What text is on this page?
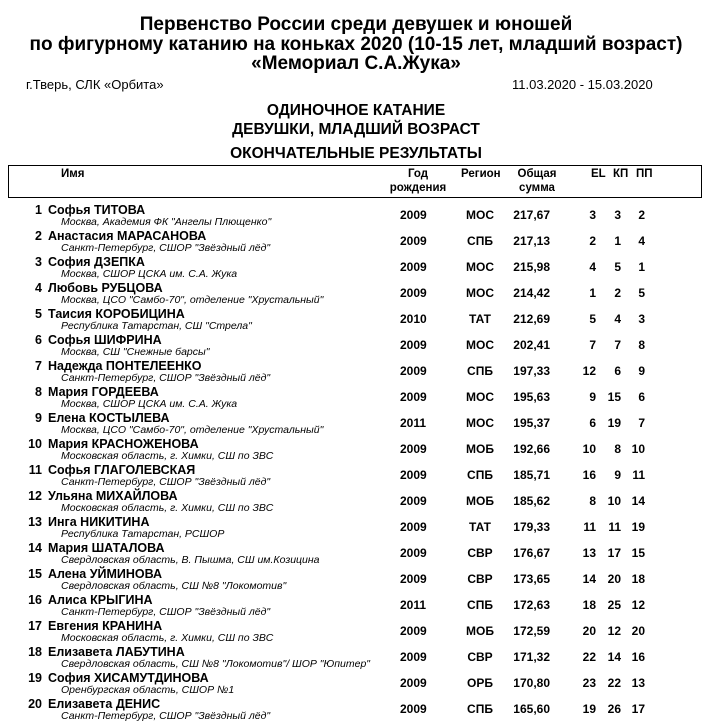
Первенство России среди девушек и юношей
по фигурному катанию на коньках 2020 (10-15 лет, младший возраст)
«Мемориал С.А.Жука»
г.Тверь, СЛК «Орбита»	11.03.2020 - 15.03.2020
ОДИНОЧНОЕ КАТАНИЕ
ДЕВУШКИ, МЛАДШИЙ ВОЗРАСТ
ОКОНЧАТЕЛЬНЫЕ РЕЗУЛЬТАТЫ
Имя	Год
рождения
Регион Общая
сумма
EL КП ПП
1 Софья ТИТОВА
Москва, Академия ФК "Ангелы Плющенко"	2009	МОС	217,67	3	3	2
2 Анастасия МАРАСАНОВА
Санкт-Петербург, СШОР "Звёздный лёд"	2009	СПБ	217,13	2	1	4
3 София ДЗЕПКА
Москва, СШОР ЦСКА им. С.А. Жука	2009	МОС	215,98	4	5	1
4 Любовь РУБЦОВА
Москва, ЦСО "Самбо-70", отделение "Хрустальный"	2009	МОС	214,42	1	2	5
5 Таисия КОРОБИЦИНА
Республика Татарстан, СШ "Стрела"	2010	ТАТ	212,69	5	4	3
6 Софья ШИФРИНА
Москва, СШ "Снежные барсы"	2009	МОС	202,41	7	7	8
7 Надежда ПОНТЕЛЕЕНКО
Санкт-Петербург, СШОР "Звёздный лёд"	2009	СПБ	197,33	12	6	9
8 Мария ГОРДЕЕВА
Москва, СШОР ЦСКА им. С.А. Жука	2009	МОС	195,63	9 15	6
9 Елена КОСТЫЛЕВА
Москва, ЦСО "Самбо-70", отделение "Хрустальный"	2011	МОС	195,37	6 19	7
10 Мария КРАСНОЖЕНОВА
Московская область, г. Химки, СШ по ЗВС	2009	МОБ	192,66	10	8 10
11 Софья ГЛАГОЛЕВСКАЯ
Санкт-Петербург, СШОР "Звёздный лёд"	2009	СПБ	185,71	16	9 11
12 Ульяна МИХАЙЛОВА
Московская область, г. Химки, СШ по ЗВС	2009	МОБ	185,62	8 10 14
13 Инга НИКИТИНА
Республика Татарстан, РСШОР	2009	ТАТ	179,33	11 11 19
14 Мария ШАТАЛОВА
Свердловская область, В. Пышма, СШ им.Козицина	2009	СВР	176,67	13 17 15
15 Алена УЙМИНОВА
Свердловская область, СШ №8 "Локомотив"	2009	СВР	173,65	14 20 18
16 Алиса КРЫГИНА
Санкт-Петербург, СШОР "Звёздный лёд"	2011	СПБ	172,63	18 25 12
17 Евгения КРАНИНА
Московская область, г. Химки, СШ по ЗВС	2009	МОБ	172,59	20 12 20
18 Елизавета ЛАБУТИНА
Свердловская область, СШ №8 "Локомотив"/ ШОР "Юпитер" 2009	СВР	171,32	22 14 16
19 София ХИСАМУТДИНОВА
Оренбургская область, СШОР №1	2009	ОРБ	170,80	23 22 13
20 Елизавета ДЕНИС
Санкт-Петербург, СШОР "Звёздный лёд"	2009	СПБ	165,60	19 26 17
